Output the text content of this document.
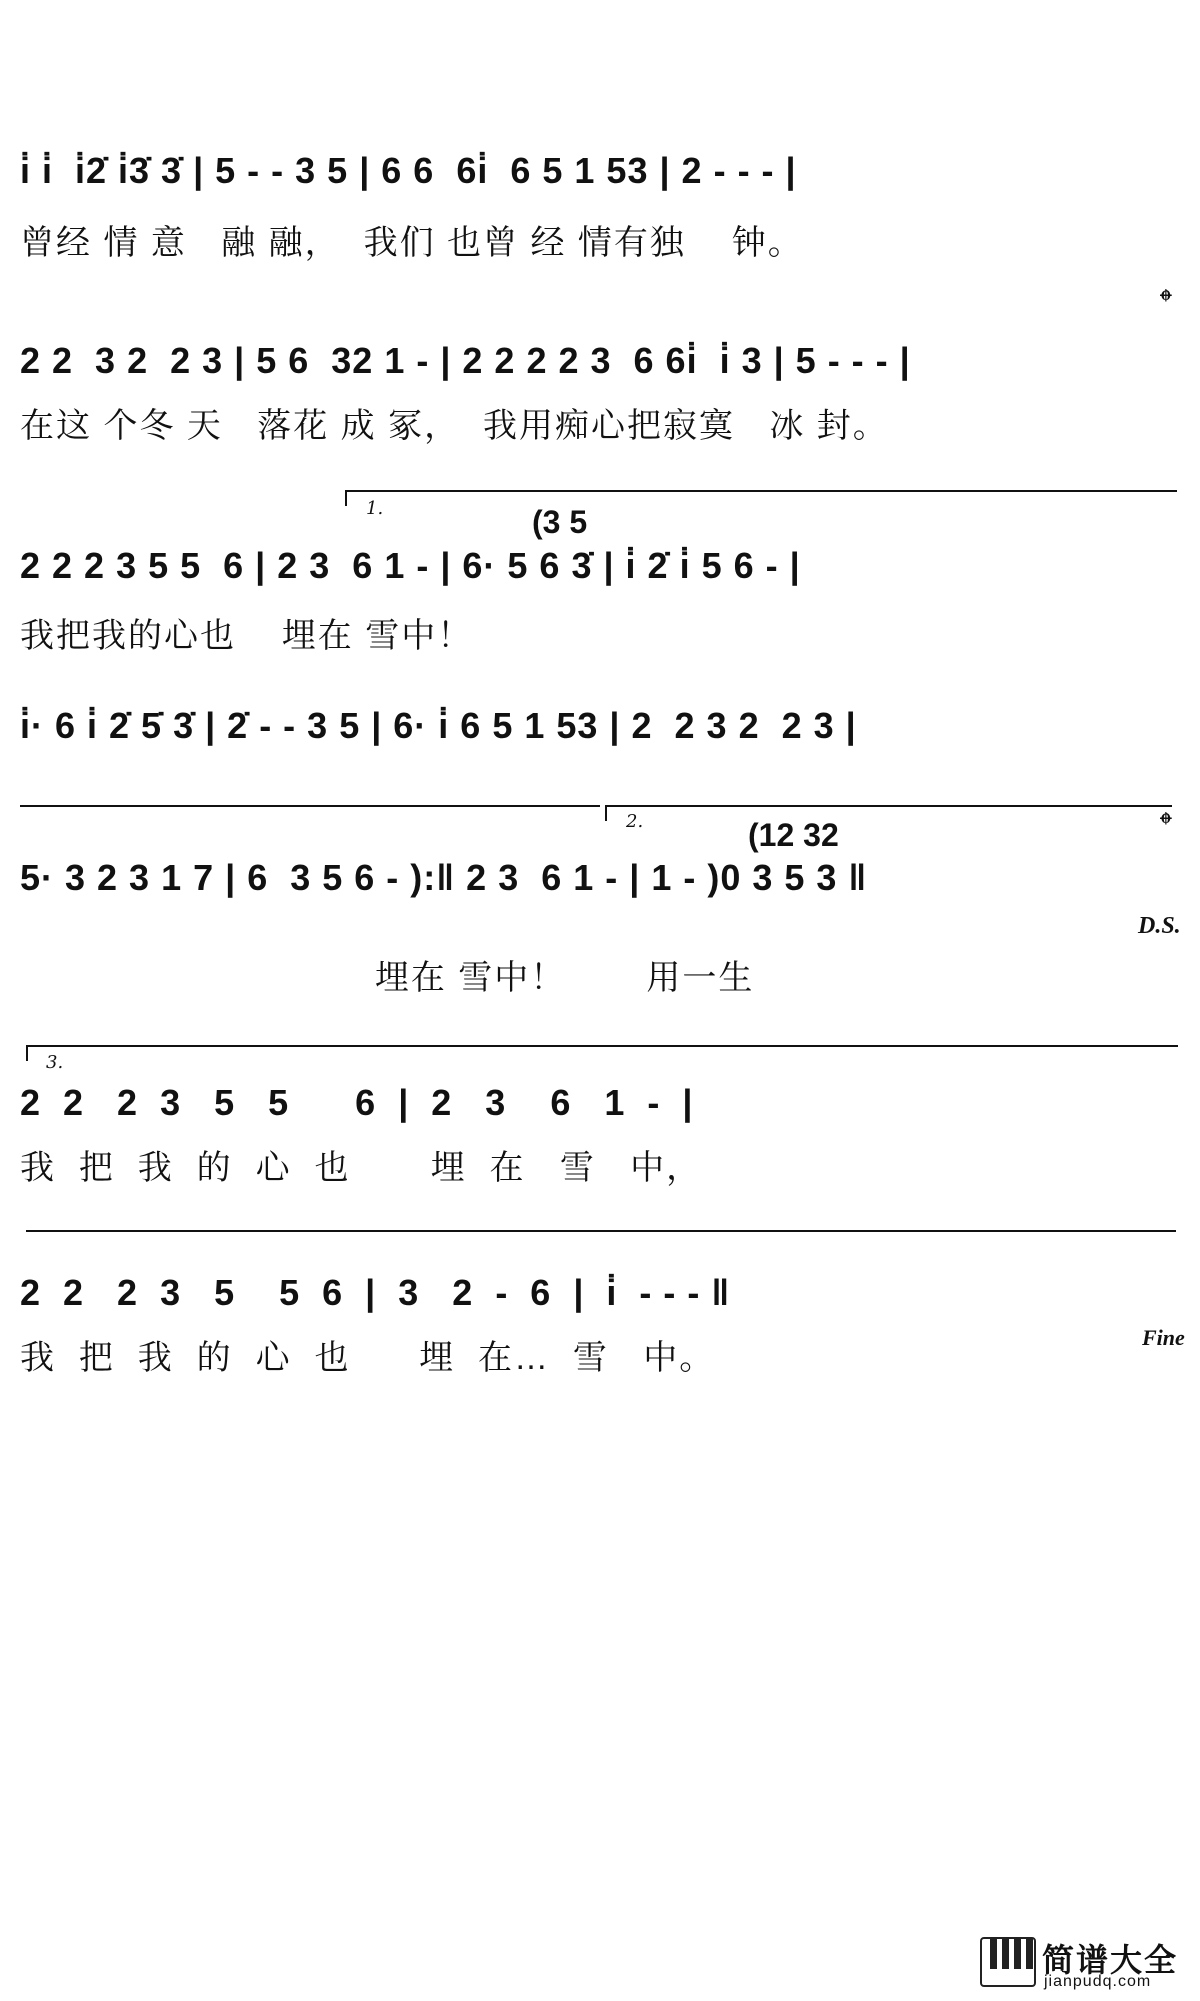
i̇ i̇  i̇2̇ i̇3̇ 3̇ | 5 - - 3 5 | 6 6  6i̇  6 5 1 53 | 2 - - - |
曾经 情 意   融 融，  我们 也曾 经 情有独    钟。
𝄌
2 2  3 2  2 3 | 5 6  32 1 - | 2 2 2 2 3  6 6i̇  i̇ 3 | 5 - - - |
在这 个冬 天   落花 成 冢，  我用痴心把寂寞   冰 封。
1.	(3 5
2 2 2 3 5 5  6 | 2 3  6 1 - | 6· 5 6 3̇ | i̇ 2̇ i̇ 5 6 - |
我把我的心也    埋在 雪中！
i̇· 6 i̇ 2̇ 5̇ 3̇ | 2̇ - - 3 5 | 6· i̇ 6 5 1 53 | 2  2 3 2  2 3 |
2.	(12 32	𝄌
5· 3 2 3 1 7 | 6  3 5 6 - ):‖ 2 3  6 1 - | 1 - )0 3 5 3 ‖
D.S.
埋在 雪中！       用一生
3.
2  2   2  3   5   5      6  |  2   3    6   1  -  |
我  把  我  的  心  也       埋  在   雪   中，
2  2   2  3   5    5  6  |  3   2  -  6  |  i̇  - - - ‖
Fine
我  把  我  的  心  也      埋  在…  雪   中。
简谱大全
jianpudq.com
